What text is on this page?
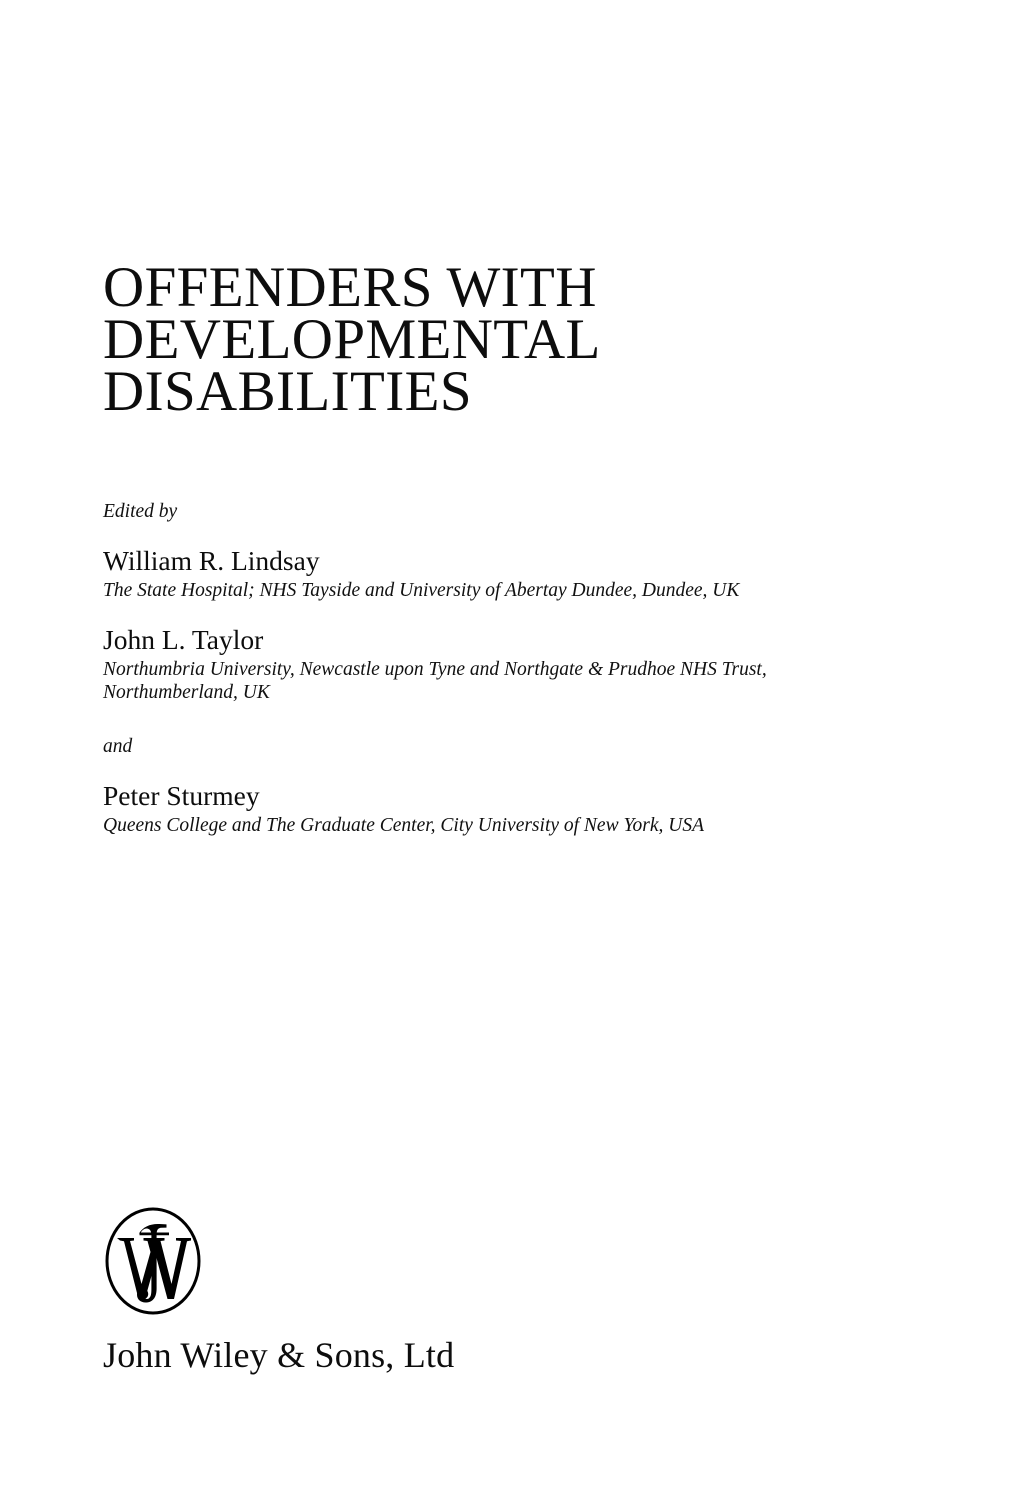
OFFENDERS WITH
DEVELOPMENTAL
DISABILITIES
Edited by
William R. Lindsay
The State Hospital; NHS Tayside and University of Abertay Dundee, Dundee, UK
John L. Taylor
Northumbria University, Newcastle upon Tyne and Northgate & Prudhoe NHS Trust, Northumberland, UK
and
Peter Sturmey
Queens College and The Graduate Center, City University of New York, USA
John Wiley & Sons, Ltd
